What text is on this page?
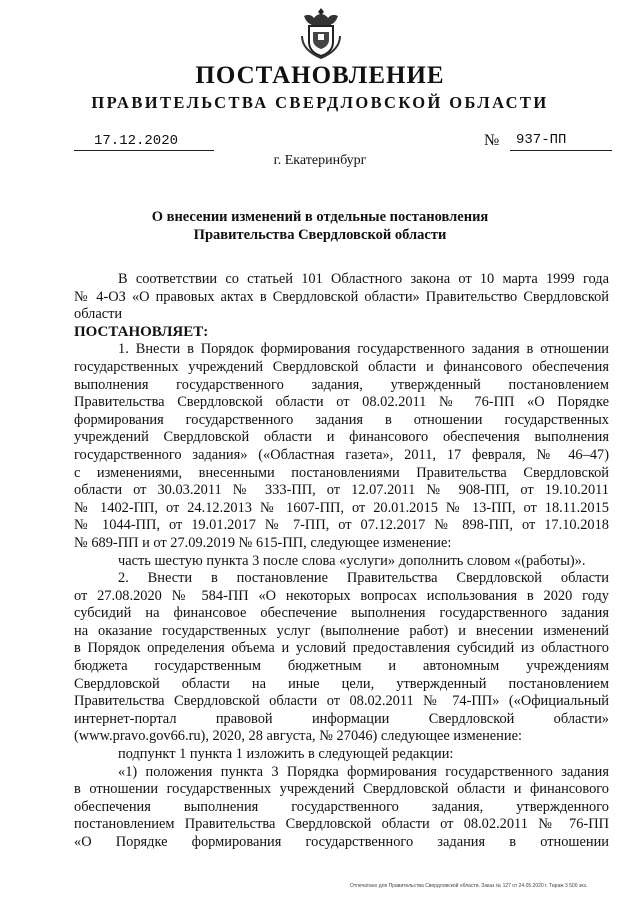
ПОСТАНОВЛЕНИЕ
ПРАВИТЕЛЬСТВА СВЕРДЛОВСКОЙ ОБЛАСТИ
17.12.2020	№	937-ПП
г. Екатеринбург
О внесении изменений в отдельные постановления
Правительства Свердловской области

В соответствии со статьей 101 Областного закона от 10 марта 1999 года

№ 4-ОЗ «О правовых актах в Свердловской области» Правительство Свердловской

области

ПОСТАНОВЛЯЕТ:

1. Внести в Порядок формирования государственного задания в отношении

государственных учреждений Свердловской области и финансового обеспечения

выполнения государственного задания, утвержденный постановлением

Правительства Свердловской области от 08.02.2011 № 76-ПП «О Порядке

формирования государственного задания в отношении государственных

учреждений Свердловской области и финансового обеспечения выполнения

государственного задания» («Областная газета», 2011, 17 февраля, № 46–47)

с изменениями, внесенными постановлениями Правительства Свердловской

области от 30.03.2011 № 333-ПП, от 12.07.2011 № 908-ПП, от 19.10.2011

№ 1402-ПП, от 24.12.2013 № 1607-ПП, от 20.01.2015 № 13-ПП, от 18.11.2015

№ 1044-ПП, от 19.01.2017 № 7-ПП, от 07.12.2017 № 898-ПП, от 17.10.2018

№ 689-ПП и от 27.09.2019 № 615-ПП, следующее изменение:

часть шестую пункта 3 после слова «услуги» дополнить словом «(работы)».

2. Внести в постановление Правительства Свердловской области

от 27.08.2020 № 584-ПП «О некоторых вопросах использования в 2020 году

субсидий на финансовое обеспечение выполнения государственного задания

на оказание государственных услуг (выполнение работ) и внесении изменений

в Порядок определения объема и условий предоставления субсидий из областного

бюджета государственным бюджетным и автономным учреждениям

Свердловской области на иные цели, утвержденный постановлением

Правительства Свердловской области от 08.02.2011 № 74-ПП» («Официальный

интернет-портал правовой информации Свердловской области»

(www.pravo.gov66.ru), 2020, 28 августа, № 27046) следующее изменение:

подпункт 1 пункта 1 изложить в следующей редакции:

«1) положения пункта 3 Порядка формирования государственного задания

в отношении государственных учреждений Свердловской области и финансового

обеспечения выполнения государственного задания, утвержденного

постановлением Правительства Свердловской области от 08.02.2011 № 76-ПП

«О Порядке формирования государственного задания в отношении

Отпечатано для Правительства Свердловской области. Заказ № 127 от 24.05.2020 г. Тираж 3 500 экз.
